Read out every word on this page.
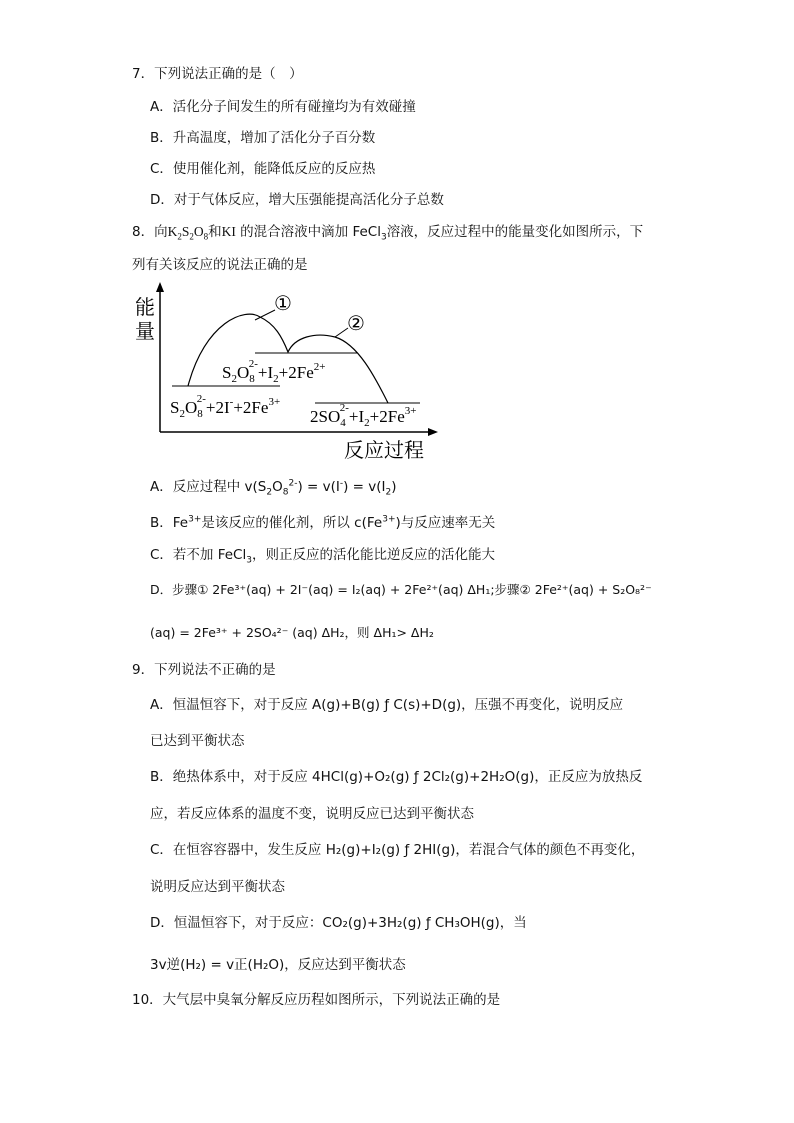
7．下列说法正确的是（　）
A．活化分子间发生的所有碰撞均为有效碰撞
B．升高温度，增加了活化分子百分数
C．使用催化剂，能降低反应的反应热
D．对于气体反应，增大压强能提高活化分子总数
8．向$K_2S_2O_8$和KI 的混合溶液中滴加 FeCl$_3$溶液，反应过程中的能量变化如图所示，下
列有关该反应的说法正确的是
能
量
反应过程
①
②
$S_2O_82-+I_2+2Fe^{2+}$
$S_2O_82-+2I^-+2Fe^{3+}$
$2SO_42-+I_2+2Fe^{3+}$
A．反应过程中 $v(S_2O_8^{2-}) = v(I^-) = v(I_2)$
B．$Fe^{3+}$是该反应的催化剂，所以 $c(Fe^{3+})$与反应速率无关
C．若不加 FeCl$_3$，则正反应的活化能比逆反应的活化能大
D．步骤① 2Fe³⁺(aq) + 2I⁻(aq) = I₂(aq) + 2Fe²⁺(aq) ΔH₁;步骤② 2Fe²⁺(aq) + S₂O₈²⁻
(aq) = 2Fe³⁺ + 2SO₄²⁻ (aq) ΔH₂，则 ΔH₁> ΔH₂
9．下列说法不正确的是
A．恒温恒容下，对于反应 A(g)+B(g) ƒ C(s)+D(g)，压强不再变化，说明反应
已达到平衡状态
B．绝热体系中，对于反应 4HCl(g)+O₂(g) ƒ 2Cl₂(g)+2H₂O(g)，正反应为放热反
应，若反应体系的温度不变，说明反应已达到平衡状态
C．在恒容容器中，发生反应 H₂(g)+I₂(g) ƒ 2HI(g)，若混合气体的颜色不再变化，
说明反应达到平衡状态
D．恒温恒容下，对于反应：CO₂(g)+3H₂(g) ƒ CH₃OH(g)，当
3v逆(H₂) = v正(H₂O)，反应达到平衡状态
10．大气层中臭氧分解反应历程如图所示，下列说法正确的是
